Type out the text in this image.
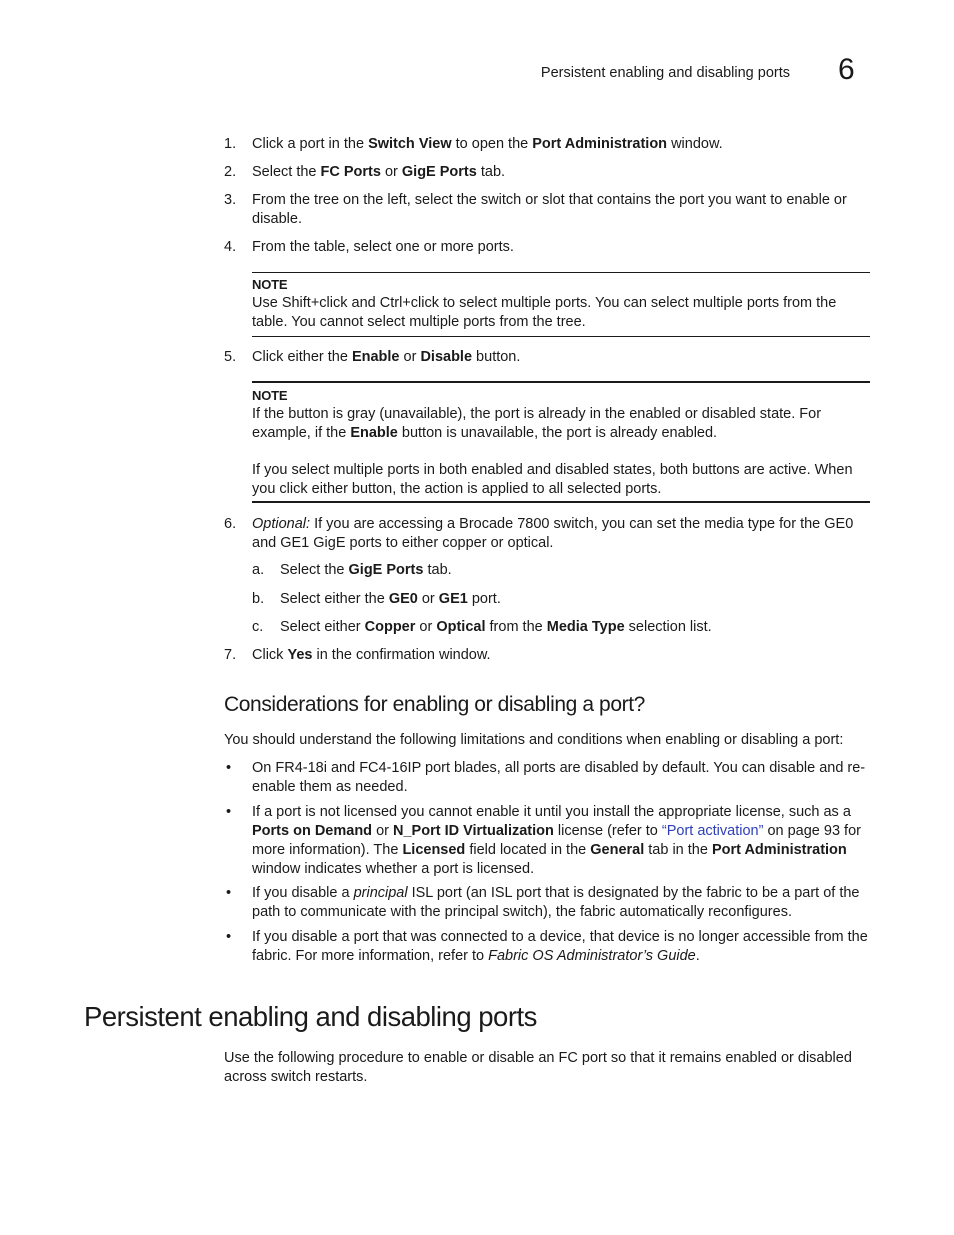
Persistent enabling and disabling ports 6
1.	Click a port in the Switch View to open the Port Administration window.
2.	Select the FC Ports or GigE Ports tab.
3.	From the tree on the left, select the switch or slot that contains the port you want to enable or disable.
4.	From the table, select one or more ports.
NOTE
Use Shift+click and Ctrl+click to select multiple ports. You can select multiple ports from the table. You cannot select multiple ports from the tree.
5.	Click either the Enable or Disable button.
NOTE
If the button is gray (unavailable), the port is already in the enabled or disabled state. For example, if the Enable button is unavailable, the port is already enabled.
If you select multiple ports in both enabled and disabled states, both buttons are active. When you click either button, the action is applied to all selected ports.
6.	Optional: If you are accessing a Brocade 7800 switch, you can set the media type for the GE0 and GE1 GigE ports to either copper or optical.
a.	Select the GigE Ports tab.
b.	Select either the GE0 or GE1 port.
c.	Select either Copper or Optical from the Media Type selection list.
7.	Click Yes in the confirmation window.
Considerations for enabling or disabling a port?
You should understand the following limitations and conditions when enabling or disabling a port:
• On FR4-18i and FC4-16IP port blades, all ports are disabled by default. You can disable and re-enable them as needed.
• If a port is not licensed you cannot enable it until you install the appropriate license, such as a Ports on Demand or N_Port ID Virtualization license (refer to “Port activation” on page 93 for more information). The Licensed field located in the General tab in the Port Administration window indicates whether a port is licensed.
• If you disable a principal ISL port (an ISL port that is designated by the fabric to be a part of the path to communicate with the principal switch), the fabric automatically reconfigures.
• If you disable a port that was connected to a device, that device is no longer accessible from the fabric. For more information, refer to Fabric OS Administrator’s Guide.
Persistent enabling and disabling ports
Use the following procedure to enable or disable an FC port so that it remains enabled or disabled across switch restarts.
